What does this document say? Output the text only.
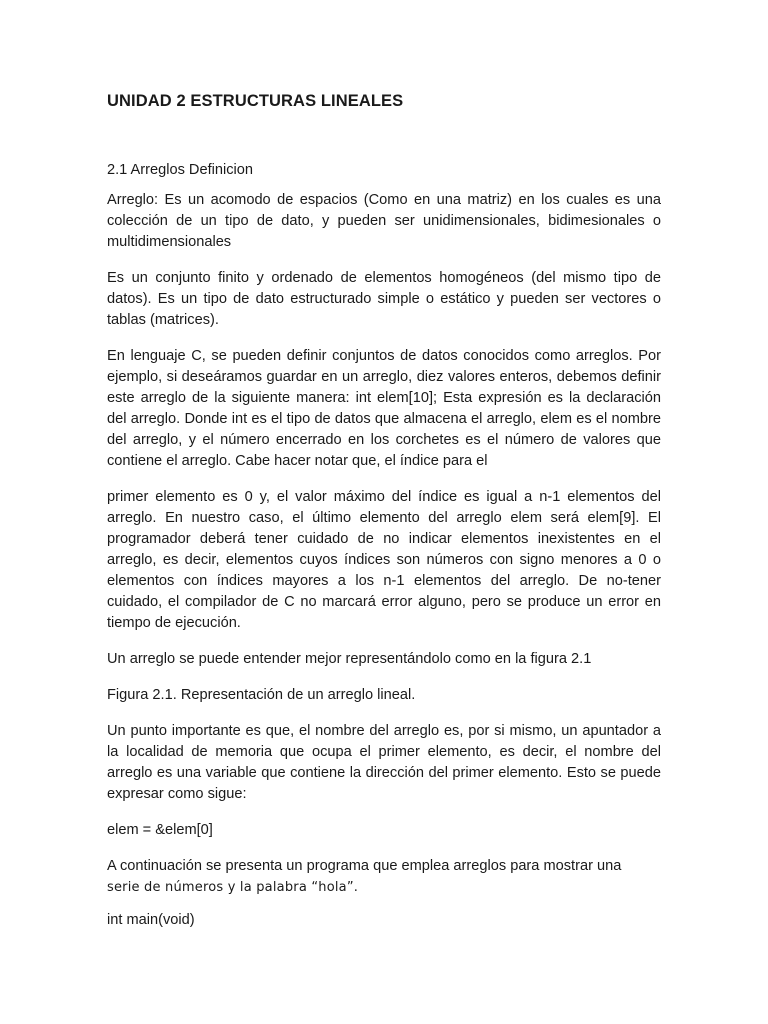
UNIDAD 2 ESTRUCTURAS LINEALES
2.1 Arreglos Definicion

Arreglo: Es un acomodo de espacios (Como en una matriz) en los cuales es una colección de un tipo de dato, y pueden ser unidimensionales, bidimesionales o multidimensionales

Es un conjunto finito y ordenado de elementos homogéneos (del mismo tipo de datos). Es un tipo de dato estructurado simple o estático y pueden ser vectores o tablas (matrices).

En lenguaje C, se pueden definir conjuntos de datos conocidos como arreglos. Por ejemplo, si deseáramos guardar en un arreglo, diez valores enteros, debemos definir este arreglo de la siguiente manera: int elem[10]; Esta expresión es la declaración del arreglo. Donde int es el tipo de datos que almacena el arreglo, elem es el nombre del arreglo, y el número encerrado en los corchetes es el número de valores que contiene el arreglo. Cabe hacer notar que, el índice para el

primer elemento es 0 y, el valor máximo del índice es igual a n-1 elementos del arreglo. En nuestro caso, el último elemento del arreglo elem será elem[9]. El programador deberá tener cuidado de no indicar elementos inexistentes en el arreglo, es decir, elementos cuyos índices son números con signo menores a 0 o elementos con índices mayores a los n-1 elementos del arreglo. De no-tener cuidado, el compilador de C no marcará error alguno, pero se produce un error en tiempo de ejecución.

Un arreglo se puede entender mejor representándolo como en la figura 2.1

Figura 2.1. Representación de un arreglo lineal.

Un punto importante es que, el nombre del arreglo es, por si mismo, un apuntador a la localidad de memoria que ocupa el primer elemento, es decir, el nombre del arreglo es una variable que contiene la dirección del primer elemento. Esto se puede expresar como sigue:

elem = &elem[0]

A continuación se presenta un programa que emplea arreglos para mostrar una
serie de números y la palabra “hola”.

int main(void)
